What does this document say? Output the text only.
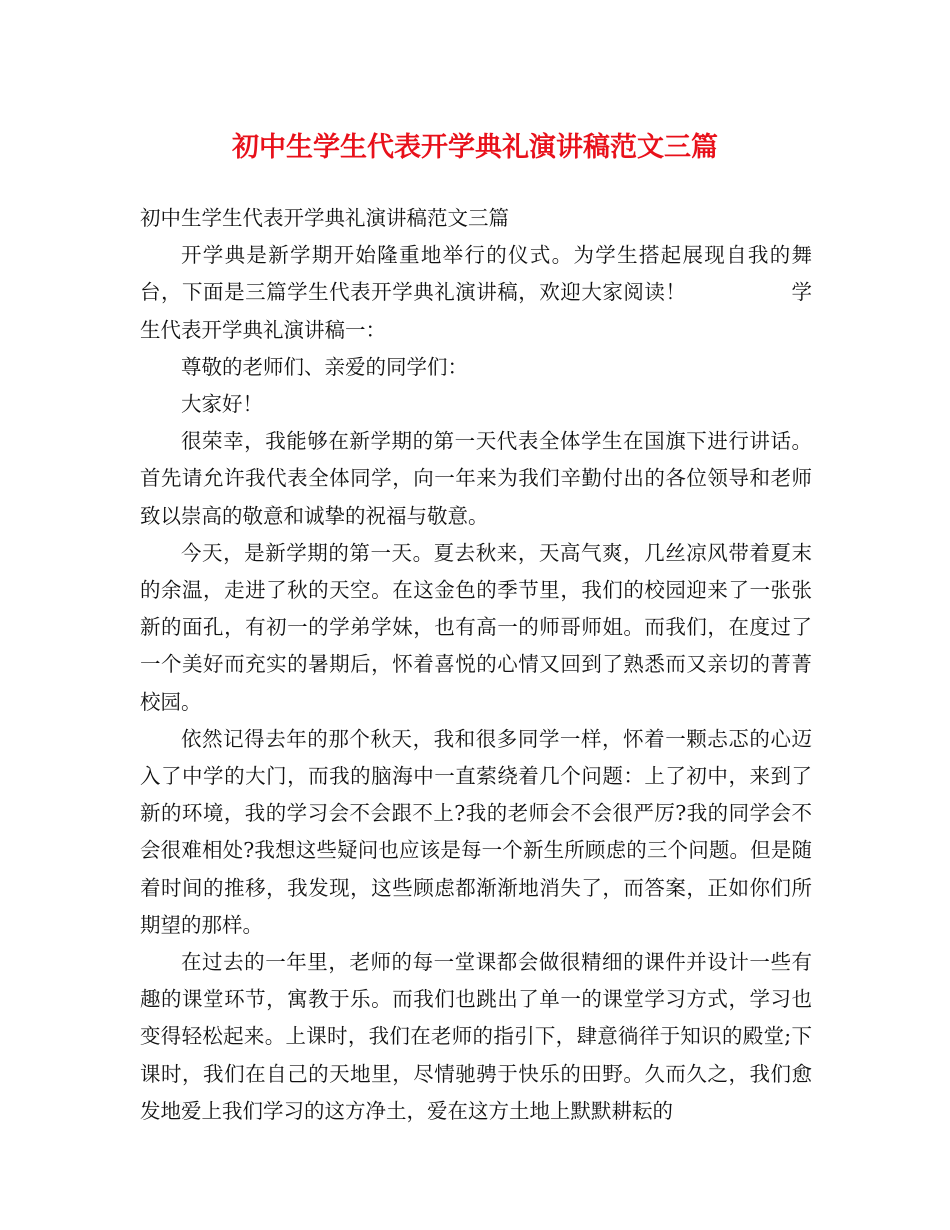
初中生学生代表开学典礼演讲稿范文三篇

初中生学生代表开学典礼演讲稿范文三篇

开学典是新学期开始隆重地举行的仪式。为学生搭起展现自我的舞台，下面是三篇学生代表开学典礼演讲稿，欢迎大家阅读！　　　　　学生代表开学典礼演讲稿一：

尊敬的老师们、亲爱的同学们：

大家好！

很荣幸，我能够在新学期的第一天代表全体学生在国旗下进行讲话。首先请允许我代表全体同学，向一年来为我们辛勤付出的各位领导和老师致以崇高的敬意和诚挚的祝福与敬意。

今天，是新学期的第一天。夏去秋来，天高气爽，几丝凉风带着夏末的余温，走进了秋的天空。在这金色的季节里，我们的校园迎来了一张张新的面孔，有初一的学弟学妹，也有高一的师哥师姐。而我们，在度过了一个美好而充实的暑期后，怀着喜悦的心情又回到了熟悉而又亲切的菁菁校园。

依然记得去年的那个秋天，我和很多同学一样，怀着一颗忐忑的心迈入了中学的大门，而我的脑海中一直萦绕着几个问题：上了初中，来到了新的环境，我的学习会不会跟不上?我的老师会不会很严厉?我的同学会不会很难相处?我想这些疑问也应该是每一个新生所顾虑的三个问题。但是随着时间的推移，我发现，这些顾虑都渐渐地消失了，而答案，正如你们所期望的那样。

在过去的一年里，老师的每一堂课都会做很精细的课件并设计一些有趣的课堂环节，寓教于乐。而我们也跳出了单一的课堂学习方式，学习也变得轻松起来。上课时，我们在老师的指引下，肆意徜徉于知识的殿堂;下课时，我们在自己的天地里，尽情驰骋于快乐的田野。久而久之，我们愈发地爱上我们学习的这方净土，爱在这方土地上默默耕耘的
